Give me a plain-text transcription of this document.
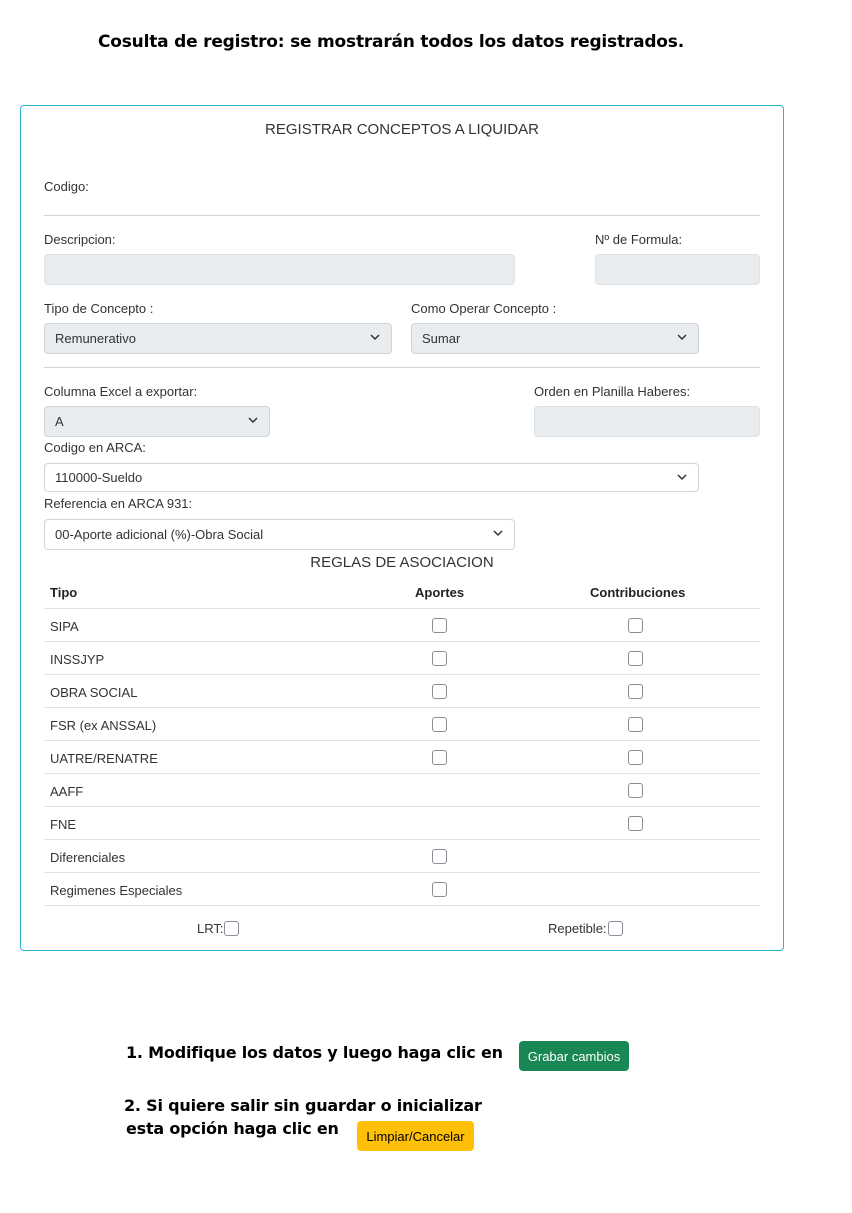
Cosulta de registro: se mostrarán todos los datos registrados.
REGISTRAR CONCEPTOS A LIQUIDAR
Codigo:
Descripcion:	Nº de Formula:
Tipo de Concepto :
Remunerativo
Como Operar Concepto :
Sumar
Columna Excel a exportar:
A
Orden en Planilla Haberes:
Codigo en ARCA:
110000-Sueldo
Referencia en ARCA 931:
00-Aporte adicional (%)-Obra Social
REGLAS DE ASOCIACION
Tipo	Aportes	Contribuciones
SIPA
INSSJYP
OBRA SOCIAL
FSR (ex ANSSAL)
UATRE/RENATRE
AAFF
FNE
Diferenciales
Regimenes Especiales
LRT:	Repetible:
1. Modifique los datos y luego haga clic en	Grabar cambios
2. Si quiere salir sin guardar o inicializar
esta opción haga clic en	Limpiar/Cancelar
